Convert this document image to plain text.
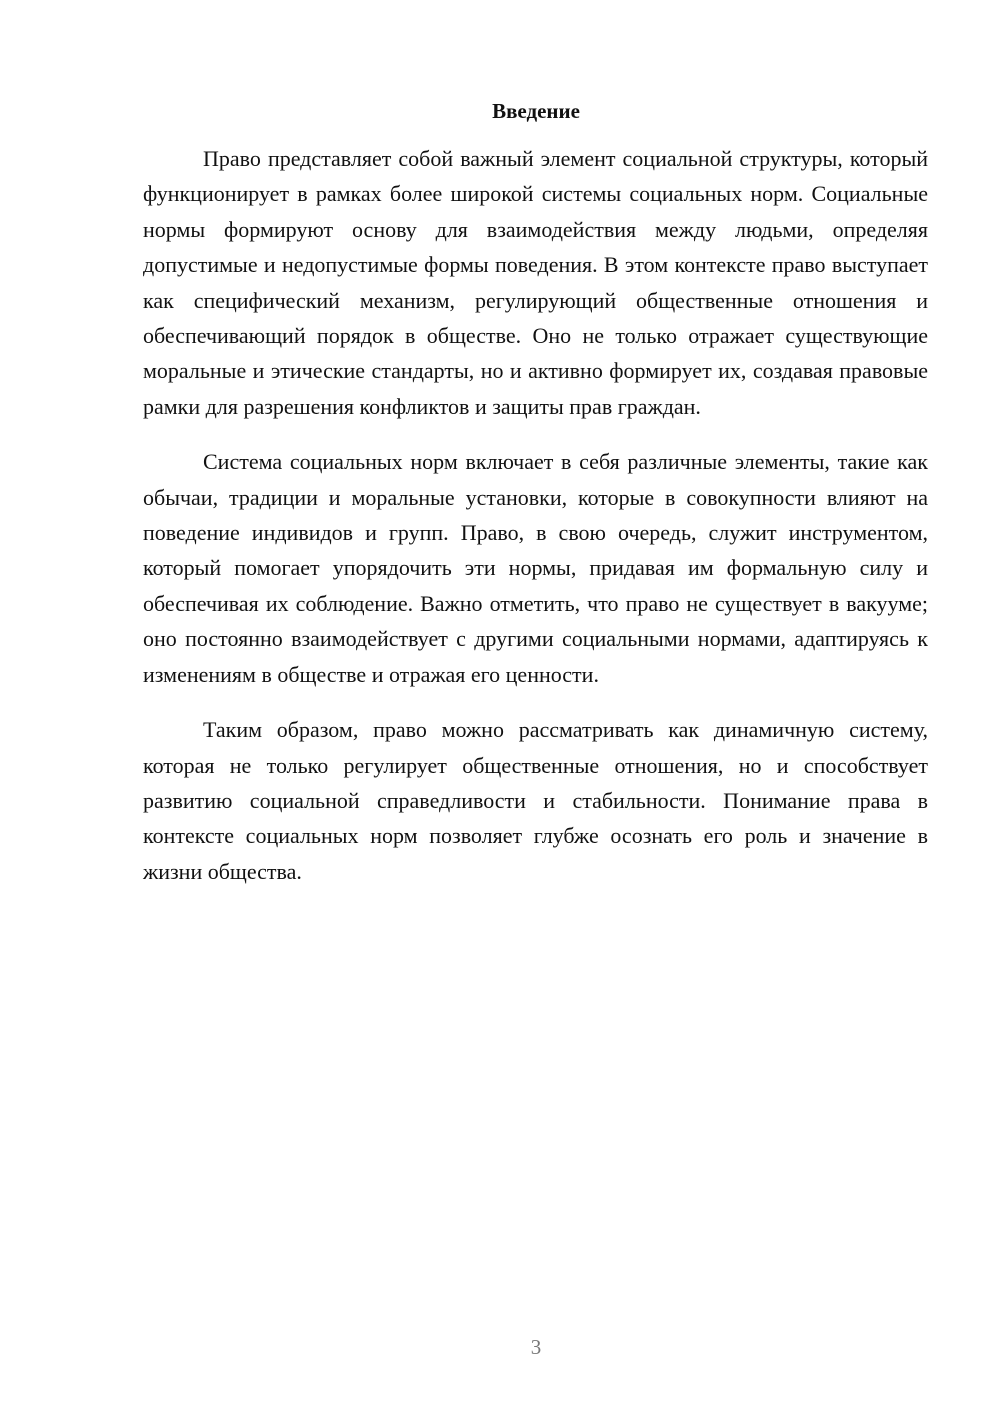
Введение

Право представляет собой важный элемент социальной структуры, который функционирует в рамках более широкой системы социальных норм. Социальные нормы формируют основу для взаимодействия между людьми, определяя допустимые и недопустимые формы поведения. В этом контексте право выступает как специфический механизм, регулирующий общественные отношения и обеспечивающий порядок в обществе. Оно не только отражает существующие моральные и этические стандарты, но и активно формирует их, создавая правовые рамки для разрешения конфликтов и защиты прав граждан.

Система социальных норм включает в себя различные элементы, такие как обычаи, традиции и моральные установки, которые в совокупности влияют на поведение индивидов и групп. Право, в свою очередь, служит инструментом, который помогает упорядочить эти нормы, придавая им формальную силу и обеспечивая их соблюдение. Важно отметить, что право не существует в вакууме; оно постоянно взаимодействует с другими социальными нормами, адаптируясь к изменениям в обществе и отражая его ценности.

Таким образом, право можно рассматривать как динамичную систему, которая не только регулирует общественные отношения, но и способствует развитию социальной справедливости и стабильности. Понимание права в контексте социальных норм позволяет глубже осознать его роль и значение в жизни общества.

3
